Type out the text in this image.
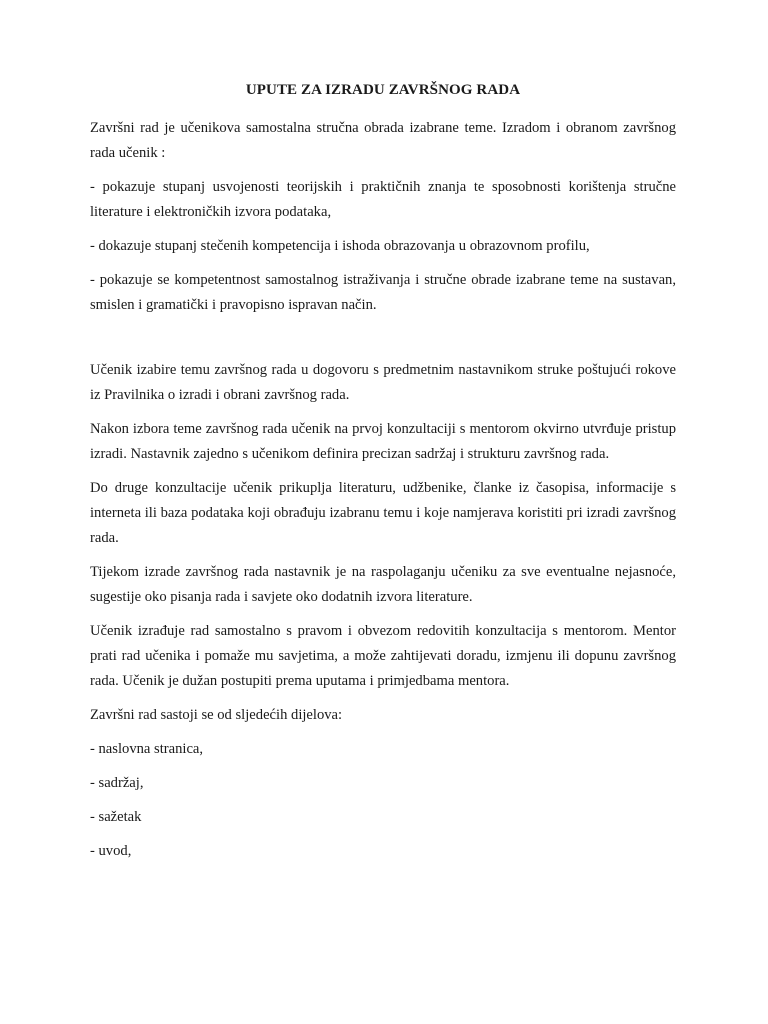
UPUTE ZA IZRADU ZAVRŠNOG RADA

Završni rad je učenikova samostalna stručna obrada izabrane teme. Izradom i obranom završnog rada učenik :

- pokazuje stupanj usvojenosti teorijskih i praktičnih znanja te sposobnosti korištenja stručne literature i elektroničkih izvora podataka,

- dokazuje stupanj stečenih kompetencija i ishoda obrazovanja u obrazovnom profilu,

- pokazuje se kompetentnost samostalnog istraživanja i stručne obrade izabrane teme na sustavan, smislen i gramatički i pravopisno ispravan način.

Učenik izabire temu završnog rada u dogovoru s predmetnim nastavnikom struke poštujući rokove iz Pravilnika o izradi i obrani završnog rada.

Nakon izbora teme završnog rada učenik na prvoj konzultaciji s mentorom okvirno utvrđuje pristup izradi. Nastavnik zajedno s učenikom definira precizan sadržaj i strukturu završnog rada.

Do druge konzultacije učenik prikuplja literaturu, udžbenike, članke iz časopisa, informacije s interneta ili baza podataka koji obrađuju izabranu temu i koje namjerava koristiti pri izradi završnog rada.

Tijekom izrade završnog rada nastavnik je na raspolaganju učeniku za sve eventualne nejasnoće, sugestije oko pisanja rada i savjete oko dodatnih izvora literature.

Učenik izrađuje rad samostalno s pravom i obvezom redovitih konzultacija s mentorom. Mentor prati rad učenika i pomaže mu savjetima, a može zahtijevati doradu, izmjenu ili dopunu završnog rada. Učenik je dužan postupiti prema uputama i primjedbama mentora.

Završni rad sastoji se od sljedećih dijelova:

- naslovna stranica,

- sadržaj,

- sažetak

- uvod,
